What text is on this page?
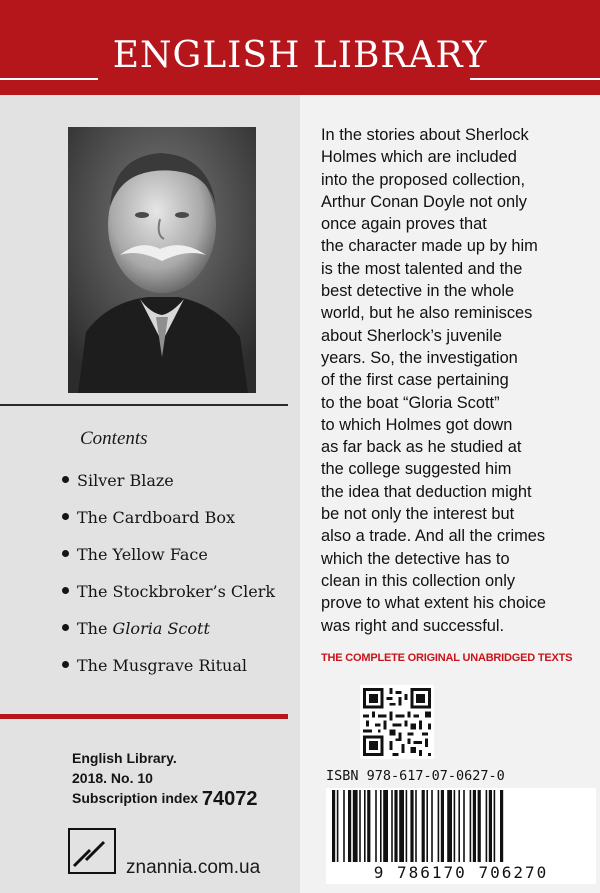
ENGLISH LIBRARY
Contents
Silver Blaze
The Cardboard Box
The Yellow Face
The Stockbroker’s Clerk
The Gloria Scott
The Musgrave Ritual
English Library.
2018. No. 10
Subscription index 74072
znannia.com.ua
In the stories about Sherlock
Holmes which are included
into the proposed collection,
Arthur Conan Doyle not only
once again proves that
the character made up by him
is the most talented and the
best detective in the whole
world, but he also reminisces
about Sherlock’s juvenile
years. So, the investigation
of the first case pertaining
to the boat “Gloria Scott”
to which Holmes got down
as far back as he studied at
the college suggested him
the idea that deduction might
be not only the interest but
also a trade. And all the crimes
which the detective has to
clean in this collection only
prove to what extent his choice
was right and successful.
THE COMPLETE ORIGINAL UNABRIDGED TEXTS
ISBN 978-617-07-0627-0
9 786170 706270
